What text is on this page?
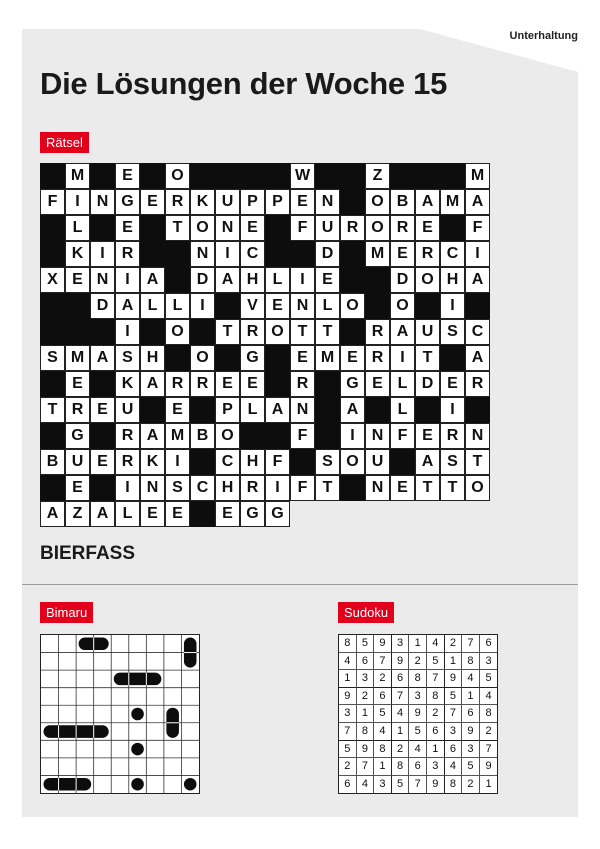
Unterhaltung
Die Lösungen der Woche 15
Rätsel
M	E	O	W	Z	M
F	I	N G E R K U P P E N	O B A M A
L	E	T O N E	F U R O R E	F
K	I	R	N	I	C	D	M E R C	I
X E N	I	A	D A H L	I	E	D O H A
D A L L	I	V E N L O	O	I
I	O	T R O T T	R A U S C
S M A S H	O	G	E M E R	I	T	A
E	K A R R E E	R	G E L D E R
T R E U	E	P L A N	A	L	I
G	R A M B O	F	I	N F E R N
B U E R K	I	C H F	S O U	A S T
E	I	N S C H R	I	F T	N E T T O
A Z A L E E	E G G
BIERFASS
Bimaru	Sudoku
8	5	9	3	1	4	2	7	6
4	6	7	9	2	5	1	8	3
1	3	2	6	8	7	9	4	5
9	2	6	7	3	8	5	1	4
3	1	5	4	9	2	7	6	8
7	8	4	1	5	6	3	9	2
5	9	8	2	4	1	6	3	7
2	7	1	8	6	3	4	5	9
6	4	3	5	7	9	8	2	1
